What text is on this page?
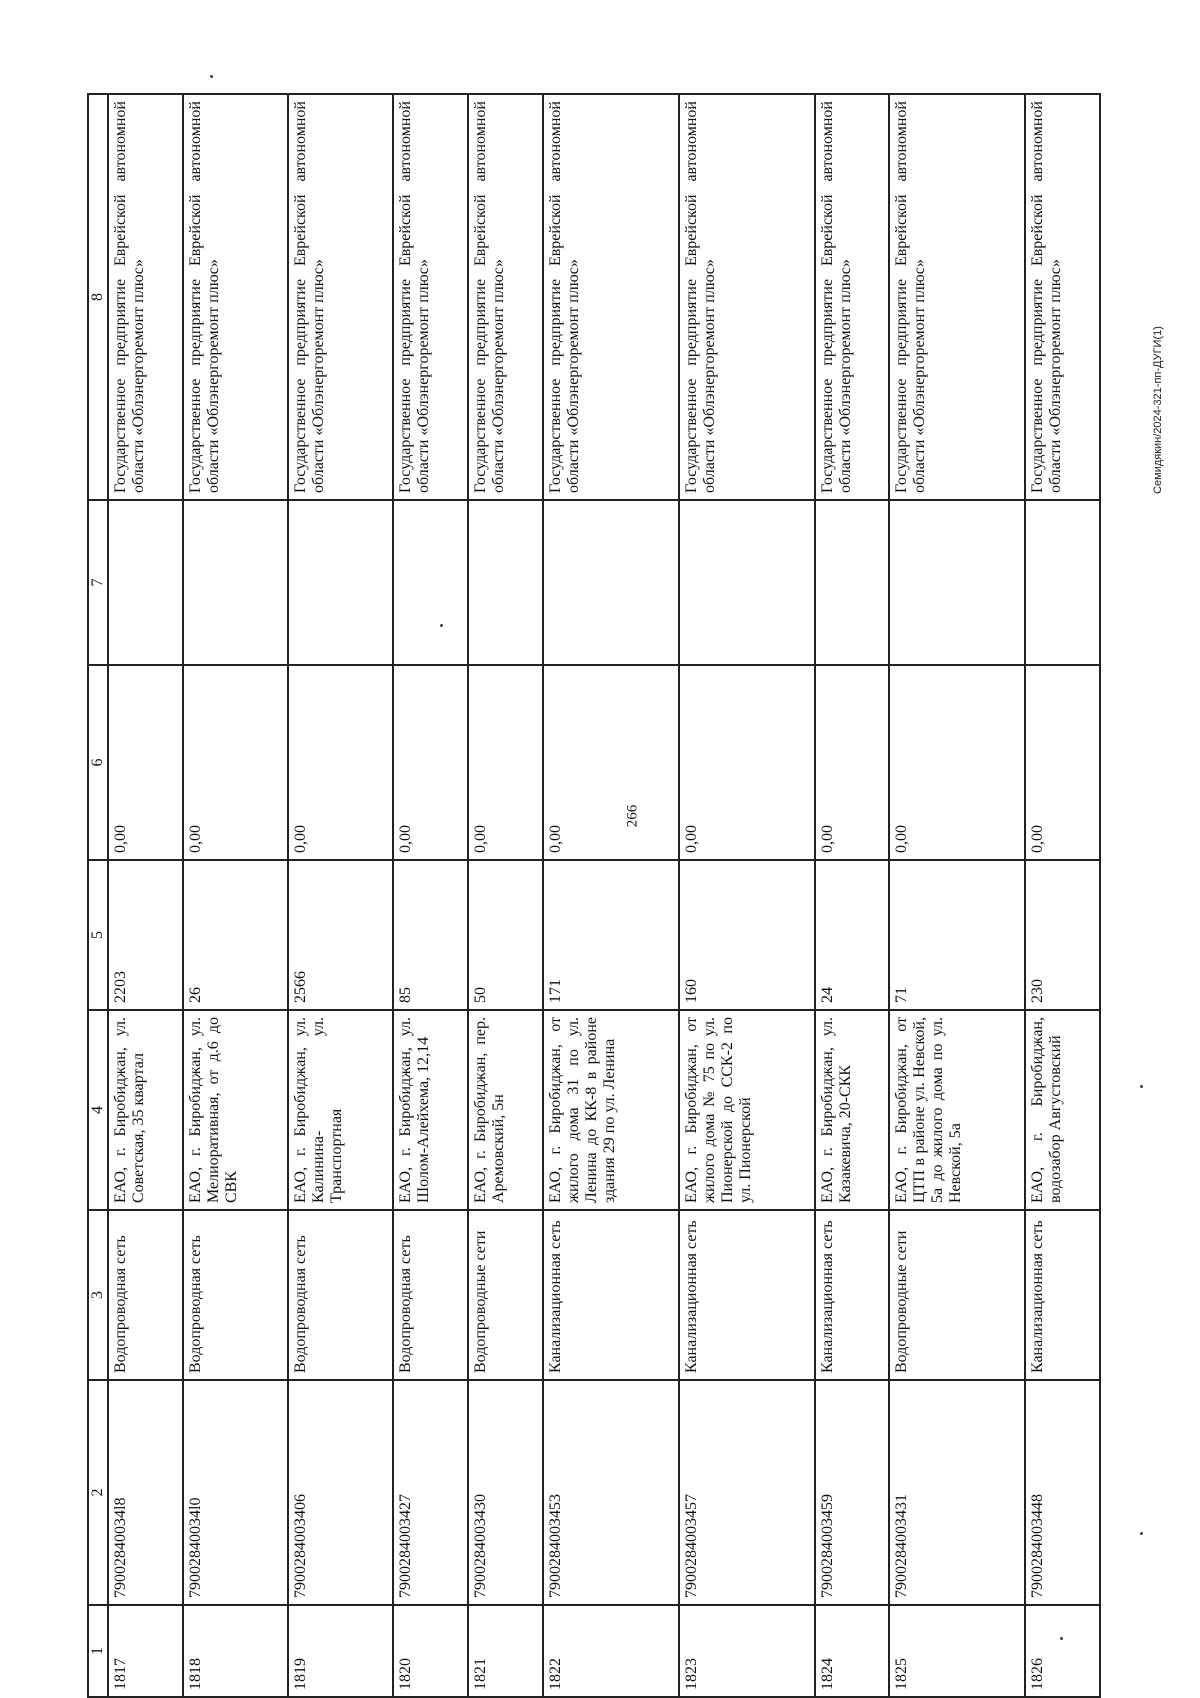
266
Семидякин/2024-321-пп-ДУГИ(1)
1	2	3	4	5	6	7	8
1817	79002840034l8	Водопроводная сеть	ЕАО, г. Биробиджан, ул. Советская, 35 квартал	2203	0,00		Государственное предприятие Еврейской автономной области «Облэнергоремонт плюс»
1818	79002840034l0	Водопроводная сеть	ЕАО, г. Биробиджан, ул. Мелиоративная, от д.6 до СВК	26	0,00		Государственное предприятие Еврейской автономной области «Облэнергоремонт плюс»
1819	790028400З406	Водопроводная сеть	ЕАО, г. Биробиджан, ул. Калинина- ул. Транспортная	2566	0,00		Государственное предприятие Еврейской автономной области «Облэнергоремонт плюс»
1820	7900284003427	Водопроводная сеть	ЕАО, г. Биробиджан, ул. Шолом-Алейхема, 12,14	85	0,00		Государственное предприятие Еврейской автономной области «Облэнергоремонт плюс»
1821	7900284003430	Водопроводные сети	ЕАО, г. Биробиджан, пер. Аремовский, 5н	50	0,00		Государственное предприятие Еврейской автономной области «Облэнергоремонт плюс»
1822	790028400З453	Канализационная сеть	ЕАО, г. Биробиджан, от жилого дома 31 по ул. Ленина до КК-8 в районе здания 29 по ул. Ленина	171	0,00		Государственное предприятие Еврейской автономной области «Облэнергоремонт плюс»
1823	7900284003457	Канализационная сеть	ЕАО, г. Биробиджан, от жилого дома № 75 по ул. Пионерской до ССК-2 по ул. Пионерской	160	0,00		Государственное предприятие Еврейской автономной области «Облэнергоремонт плюс»
1824	7900284003459	Канализационная сеть	ЕАО, г. Биробиджан, ул. Казакевича, 20-СКК	24	0,00		Государственное предприятие Еврейской автономной области «Облэнергоремонт плюс»
1825	790028400З431	Водопроводные сети	ЕАО, г. Биробиджан, от ЦТП в районе ул. Невской, 5а до жилого дома по ул. Невской, 5а	71	0,00		Государственное предприятие Еврейской автономной области «Облэнергоремонт плюс»
1826	7900284003448	Канализационная сеть	ЕАО, г. Биробиджан, водозабор Августовский	230	0,00		Государственное предприятие Еврейской автономной области «Облэнергоремонт плюс»
